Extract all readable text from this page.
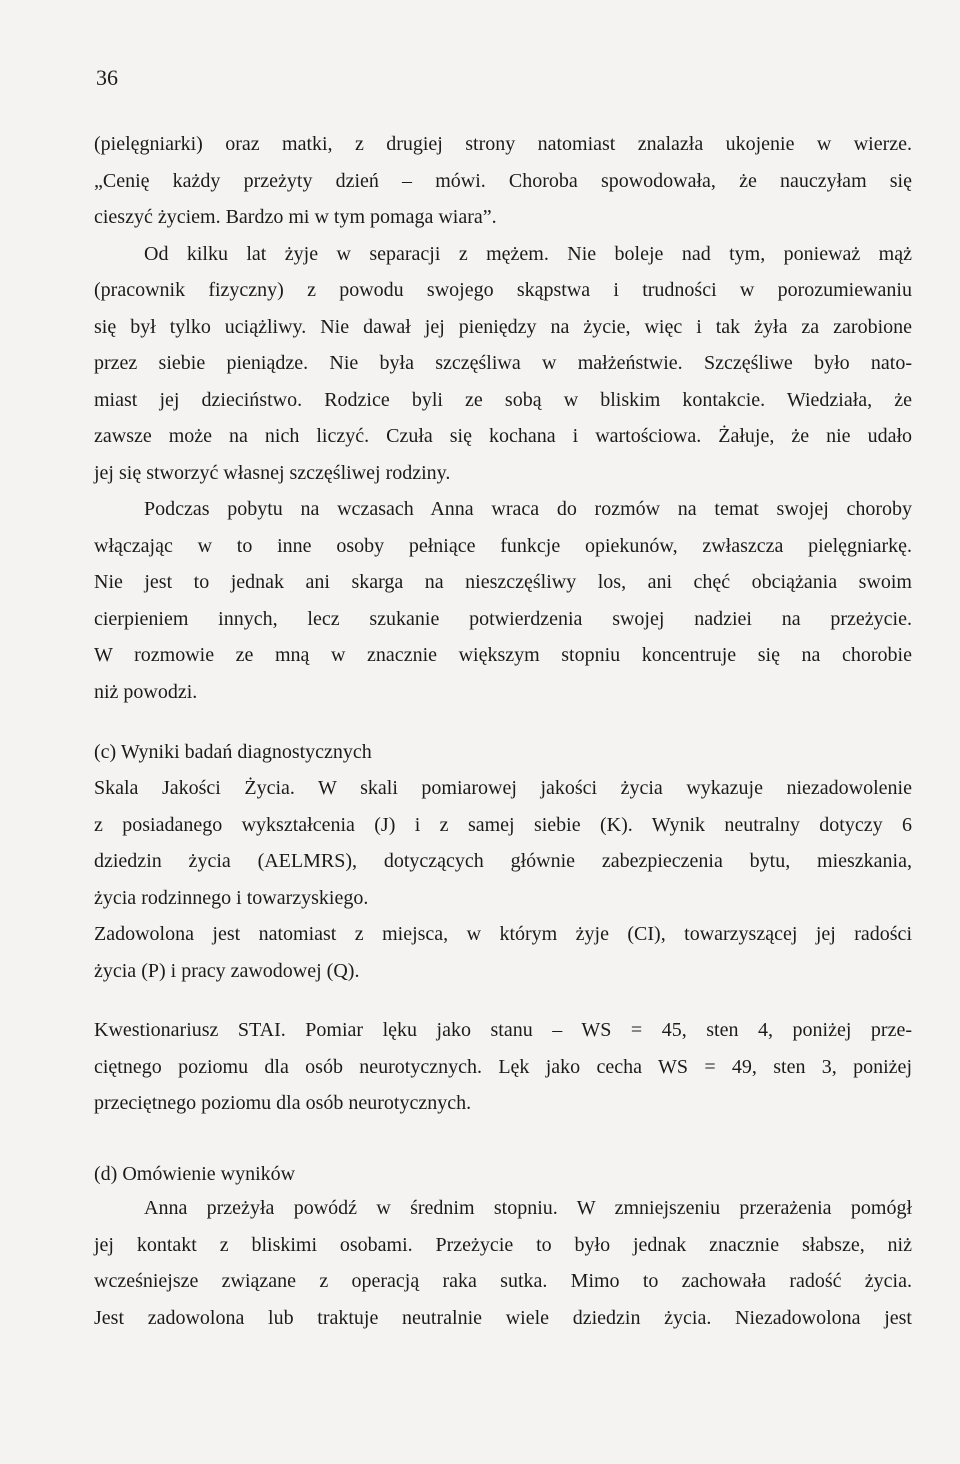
36
(pielęgniarki) oraz matki, z drugiej strony natomiast znalazła ukojenie w wierze.
„Cenię każdy przeżyty dzień – mówi. Choroba spowodowała, że nauczyłam się
cieszyć życiem. Bardzo mi w tym pomaga wiara”.
Od kilku lat żyje w separacji z mężem. Nie boleje nad tym, ponieważ mąż
(pracownik fizyczny) z powodu swojego skąpstwa i trudności w porozumiewaniu
się był tylko uciążliwy. Nie dawał jej pieniędzy na życie, więc i tak żyła za zarobione
przez siebie pieniądze. Nie była szczęśliwa w małżeństwie. Szczęśliwe było nato-
miast jej dzieciństwo. Rodzice byli ze sobą w bliskim kontakcie. Wiedziała, że
zawsze może na nich liczyć. Czuła się kochana i wartościowa. Żałuje, że nie udało
jej się stworzyć własnej szczęśliwej rodziny.
Podczas pobytu na wczasach Anna wraca do rozmów na temat swojej choroby
włączając w to inne osoby pełniące funkcje opiekunów, zwłaszcza pielęgniarkę.
Nie jest to jednak ani skarga na nieszczęśliwy los, ani chęć obciążania swoim
cierpieniem innych, lecz szukanie potwierdzenia swojej nadziei na przeżycie.
W rozmowie ze mną w znacznie większym stopniu koncentruje się na chorobie
niż powodzi.
(c) Wyniki badań diagnostycznych
Skala Jakości Życia. W skali pomiarowej jakości życia wykazuje niezadowolenie
z posiadanego wykształcenia (J) i z samej siebie (K). Wynik neutralny dotyczy 6
dziedzin życia (AELMRS), dotyczących głównie zabezpieczenia bytu, mieszkania,
życia rodzinnego i towarzyskiego.
Zadowolona jest natomiast z miejsca, w którym żyje (CI), towarzyszącej jej radości
życia (P) i pracy zawodowej (Q).
Kwestionariusz STAI. Pomiar lęku jako stanu – WS = 45, sten 4, poniżej prze-
ciętnego poziomu dla osób neurotycznych. Lęk jako cecha WS = 49, sten 3, poniżej
przeciętnego poziomu dla osób neurotycznych.
(d) Omówienie wyników
Anna przeżyła powódź w średnim stopniu. W zmniejszeniu przerażenia pomógł
jej kontakt z bliskimi osobami. Przeżycie to było jednak znacznie słabsze, niż
wcześniejsze związane z operacją raka sutka. Mimo to zachowała radość życia.
Jest zadowolona lub traktuje neutralnie wiele dziedzin życia. Niezadowolona jest
